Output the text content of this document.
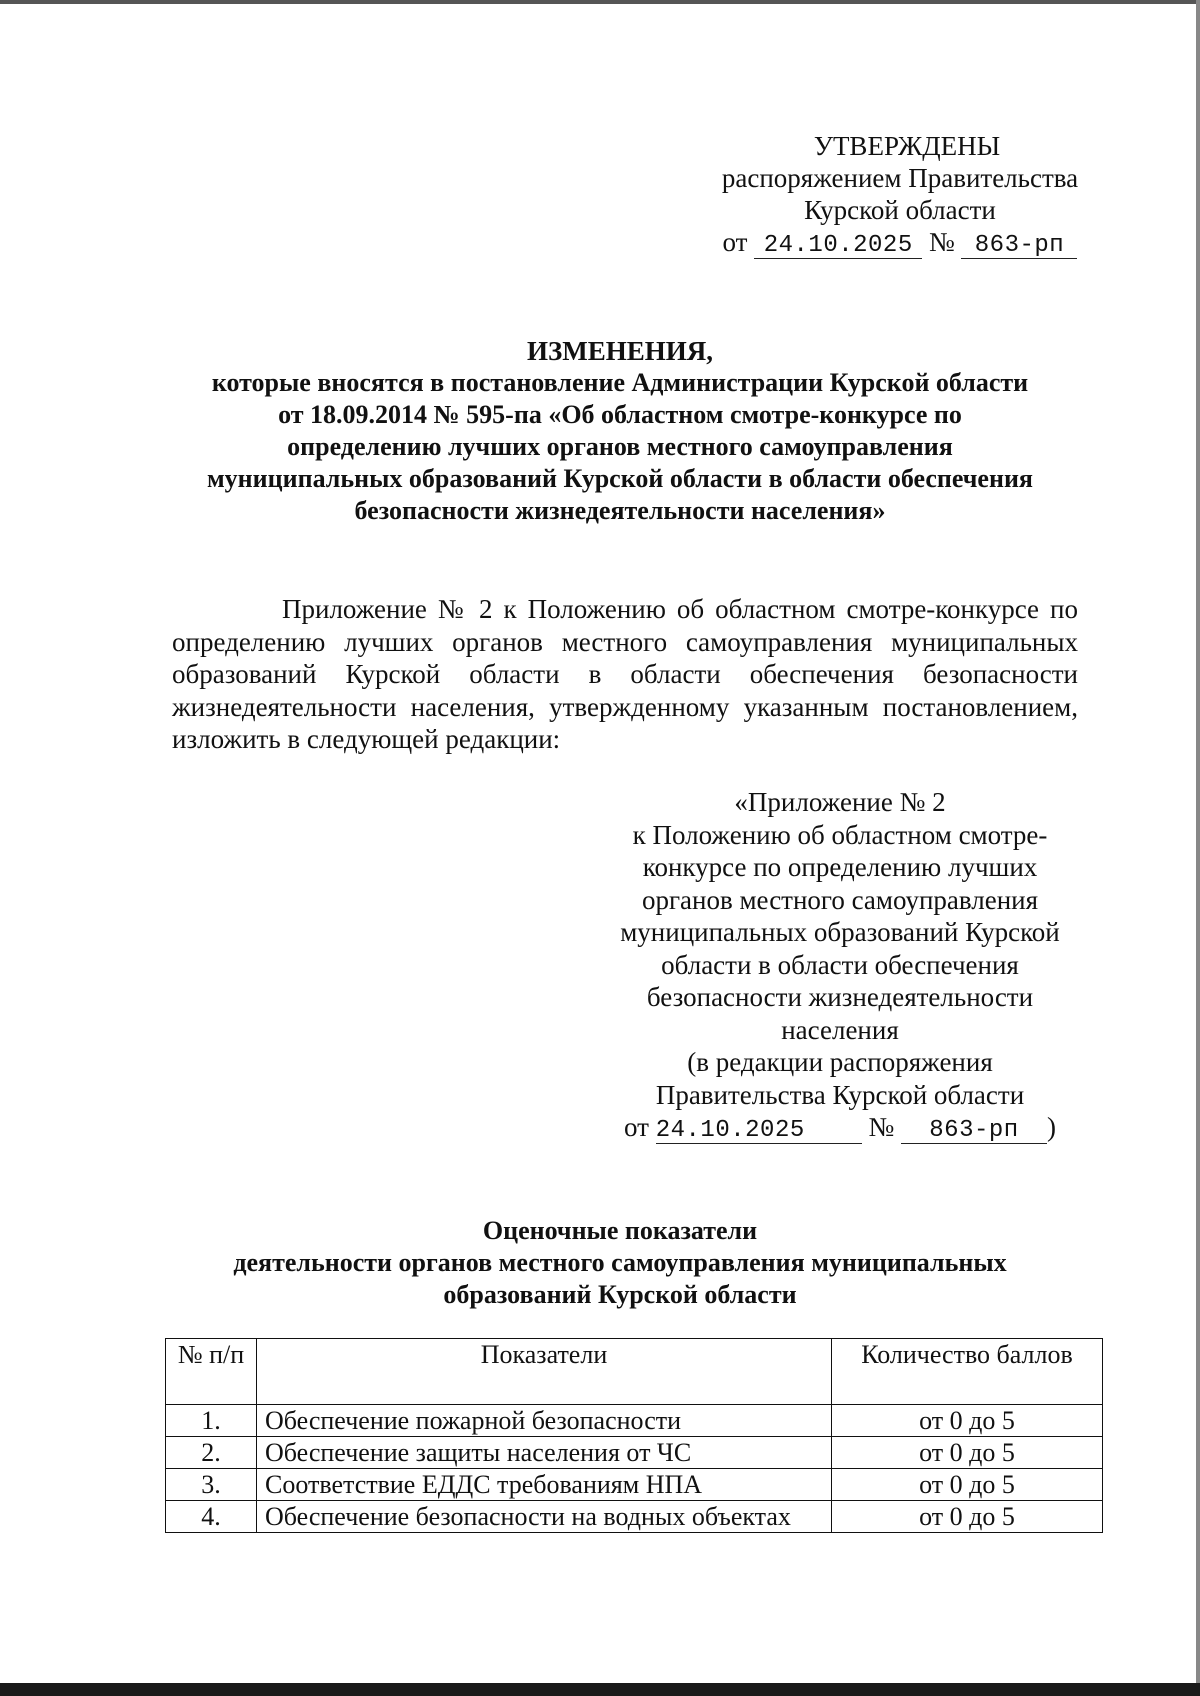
УТВЕРЖДЕНЫ
распоряжением Правительства
Курской области
от 24.10.2025 № 863-рп
ИЗМЕНЕНИЯ,
которые вносятся в постановление Администрации Курской области
от 18.09.2014 № 595-па «Об областном смотре-конкурсе по
определению лучших органов местного самоуправления
муниципальных образований Курской области в области обеспечения
безопасности жизнедеятельности населения»
Приложение № 2 к Положению об областном смотре-конкурсе по определению лучших органов местного самоуправления муниципальных образований Курской области в области обеспечения безопасности жизнедеятельности населения, утвержденному указанным постановлением, изложить в следующей редакции:
«Приложение № 2
к Положению об областном смотре-
конкурсе по определению лучших
органов местного самоуправления
муниципальных образований Курской
области в области обеспечения
безопасности жизнедеятельности
населения
(в редакции распоряжения
Правительства Курской области
от 24.10.2025 № 863-рп )
Оценочные показатели
деятельности органов местного самоуправления муниципальных
образований Курской области
№ п/п	Показатели	Количество баллов
1.	Обеспечение пожарной безопасности	от 0 до 5
2.	Обеспечение защиты населения от ЧС	от 0 до 5
3.	Соответствие ЕДДС требованиям НПА	от 0 до 5
4.	Обеспечение безопасности на водных объектах	от 0 до 5
